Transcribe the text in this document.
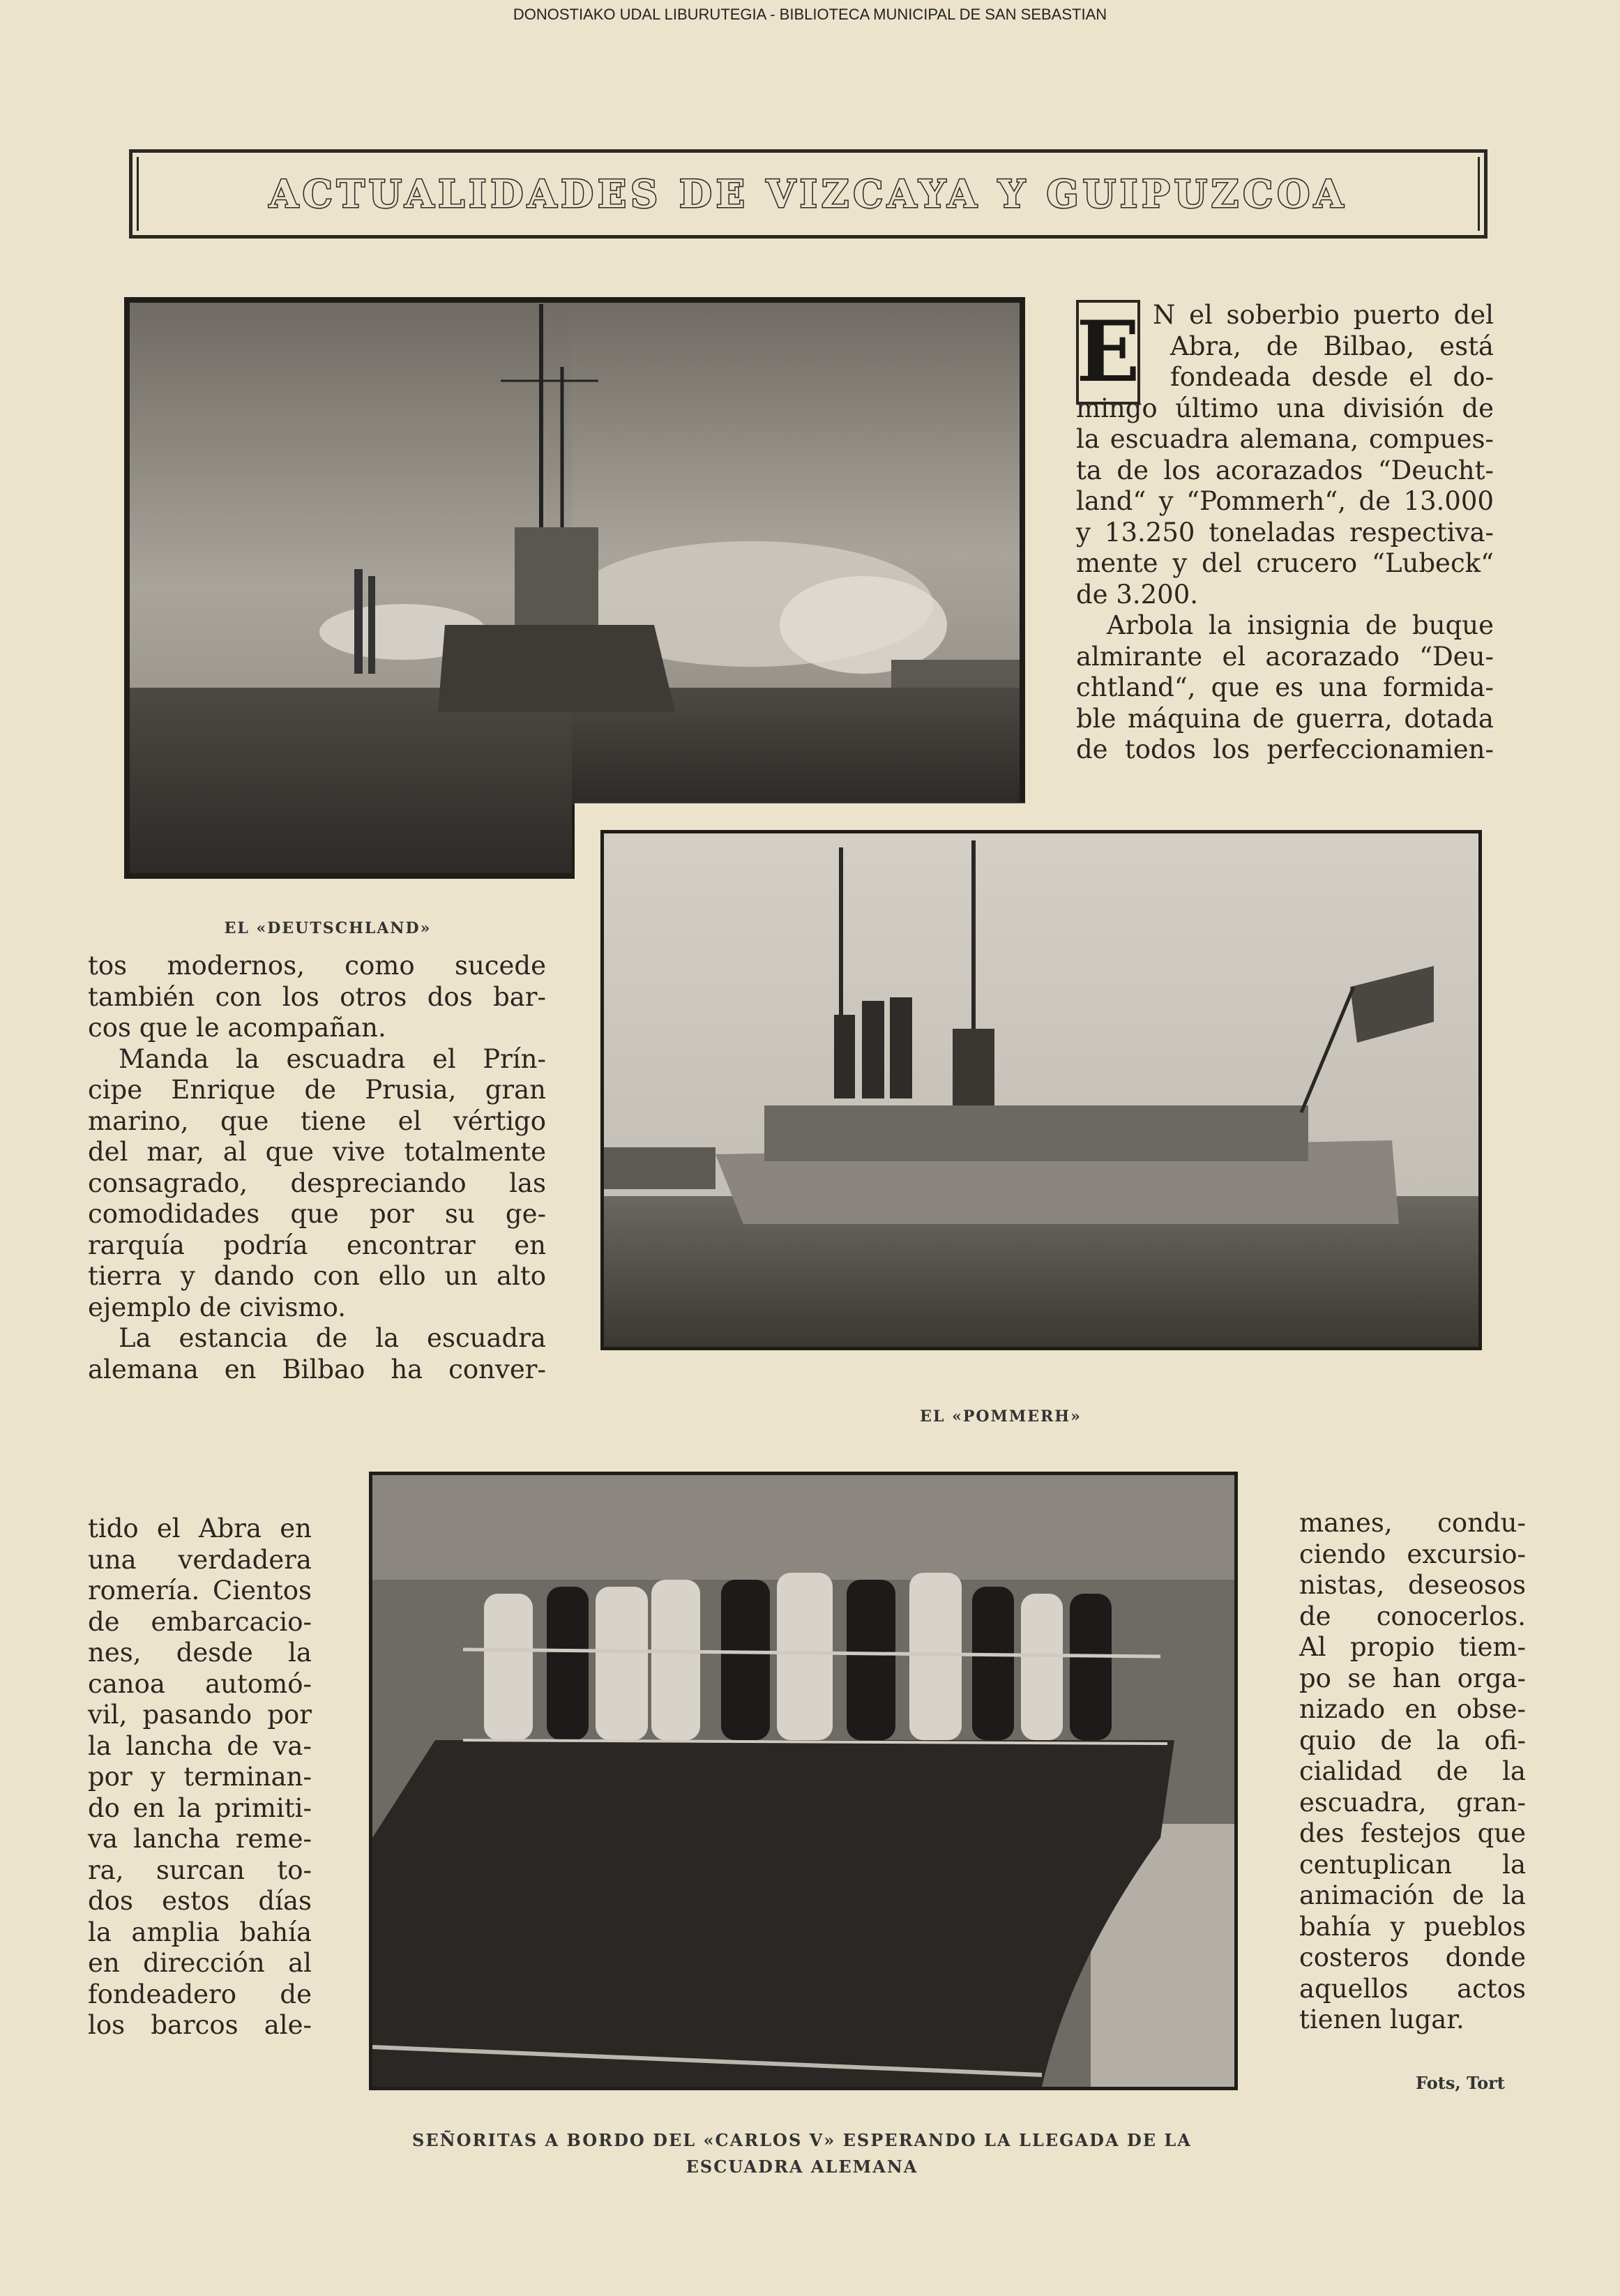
DONOSTIAKO UDAL LIBURUTEGIA - BIBLIOTECA MUNICIPAL DE SAN SEBASTIAN
ACTUALIDADES DE VIZCAYA Y GUIPUZCOA
E N el soberbio puerto del
Abra, de Bilbao, está
fondeada desde el do-
mingo último una división de
la escuadra alemana, compues-
ta de los acorazados “Deucht-
land“ y “Pommerh“, de 13.000
y 13.250 toneladas respectiva-
mente y del crucero “Lubeck“
de 3.200.
Arbola la insignia de buque
almirante el acorazado “Deu-
chtland“, que es una formida-
ble máquina de guerra, dotada
de todos los perfeccionamien-
EL «DEUTSCHLAND»
tos modernos, como sucede
también con los otros dos bar-
cos que le acompañan.
Manda la escuadra el Prín-
cipe Enrique de Prusia, gran
marino, que tiene el vértigo
del mar, al que vive totalmente
consagrado, despreciando las
comodidades que por su ge-
rarquía podría encontrar en
tierra y dando con ello un alto
ejemplo de civismo.
La estancia de la escuadra
alemana en Bilbao ha conver-
EL «POMMERH»
tido el Abra en
una verdadera
romería. Cientos
de embarcacio-
nes, desde la
canoa automó-
vil, pasando por
la lancha de va-
por y terminan-
do en la primiti-
va lancha reme-
ra, surcan to-
dos estos días
la amplia bahía
en dirección al
fondeadero de
los barcos ale-
manes, condu-
ciendo excursio-
nistas, deseosos
de conocerlos.
Al propio tiem-
po se han orga-
nizado en obse-
quio de la ofi-
cialidad de la
escuadra, gran-
des festejos que
centuplican la
animación de la
bahía y pueblos
costeros donde
aquellos actos
tienen lugar.
Fots, Tort
SEÑORITAS A BORDO DEL «CARLOS V» ESPERANDO LA LLEGADA DE LA
ESCUADRA ALEMANA
